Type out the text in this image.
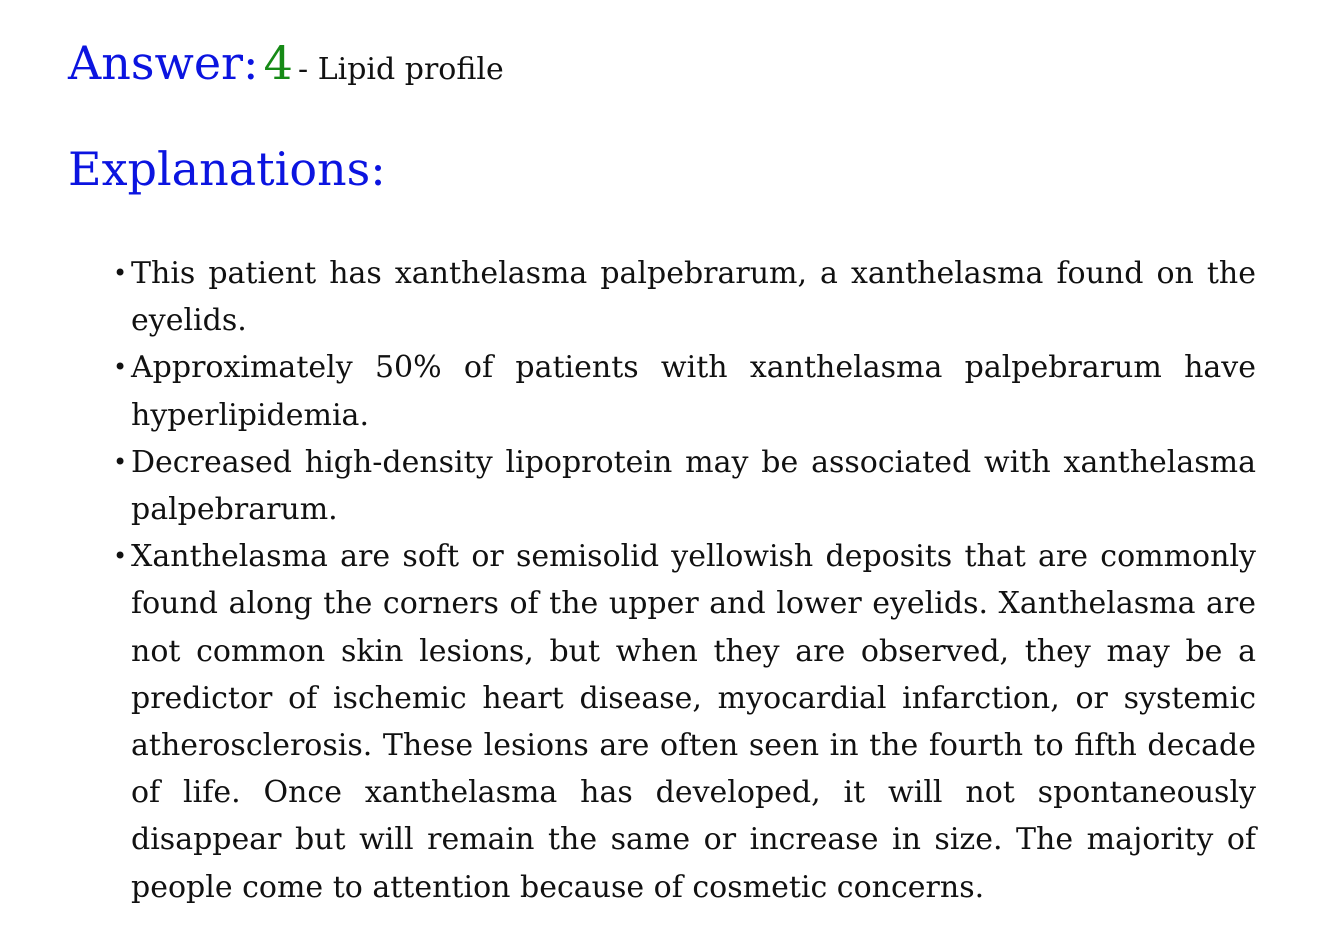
Answer: 4 - Lipid profile
Explanations:
• This patient has xanthelasma palpebrarum, a xanthelasma found on the eyelids.
• Approximately 50% of patients with xanthelasma palpebrarum have hyperlipidemia.
• Decreased high-density lipoprotein may be associated with xanthelasma palpebrarum.
• Xanthelasma are soft or semisolid yellowish deposits that are commonly found along the corners of the upper and lower eyelids. Xanthelasma are not common skin lesions, but when they are observed, they may be a predictor of ischemic heart disease, myocardial infarction, or systemic atherosclerosis. These lesions are often seen in the fourth to fifth decade of life. Once xanthelasma has developed, it will not spontaneously disappear but will remain the same or increase in size. The majority of people come to attention because of cosmetic concerns.
